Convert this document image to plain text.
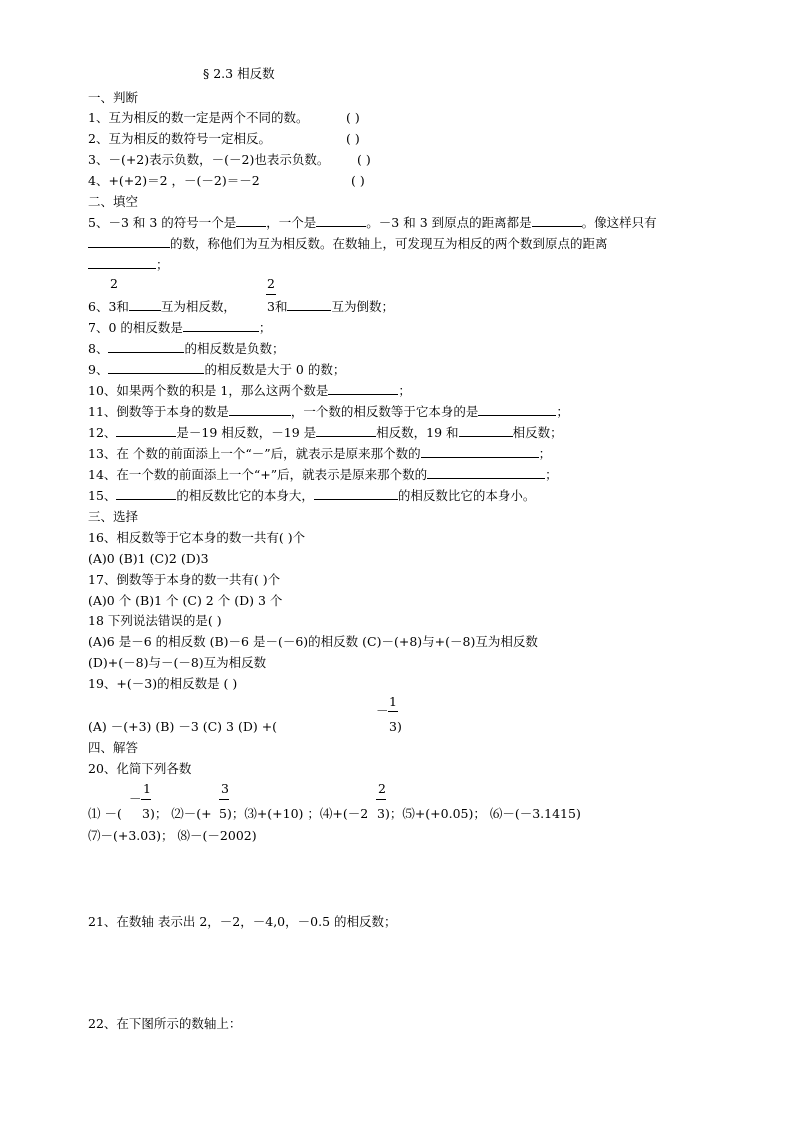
§ 2.3 相反数
一、判断
1、互为相反的数一定是两个不同的数。	( )
2、互为相反的数符号一定相反。	( )
3、－(+2)表示负数，－(－2)也表示负数。 ( )
4、+(+2)＝2 ，－(－2)＝－2	( )
二、填空
5、－3 和 3 的符号一个是 ，一个是	。－3 和 3 到原点的距离都是	。像这样只有
的数，称他们为互为相反数。在数轴上，可发现互为相反的两个数到原点的距离
；
2	2
6、3和	互为相反数， 3和	互为倒数；
7、0 的相反数是	；
8、	的相反数是负数；
9、	的相反数是大于 0 的数；
10、如果两个数的积是 1，那么这两个数是	；
11、倒数等于本身的数是	，一个数的相反数等于它本身的是	；
12、	是－19 相反数，－19 是	相反数，19 和	相反数；
13、在 个数的前面添上一个“－”后，就表示是原来那个数的	；
14、在一个数的前面添上一个“+”后，就表示是原来那个数的	；
15、	的相反数比它的本身大，	的相反数比它的本身小。
三、选择
16、相反数等于它本身的数一共有( )个
(A)0 (B)1 (C)2 (D)3
17、倒数等于本身的数一共有( )个
(A)0 个 (B)1 个 (C) 2 个 (D) 3 个
18 下列说法错误的是( )
(A)6 是－6 的相反数 (B)－6 是－(－6)的相反数 (C)－(+8)与+(－8)互为相反数
(D)+(－8)与－(－8)互为相反数
19、+(－3)的相反数是 ( )
－
1
(A) －(+3) (B) －3 (C) 3 (D) +(	3)
四、解答
20、化简下列各数
－
1	3	2
⑴ －( 3)； ⑵－(+ 5)；⑶+(+10) ；⑷+(－2 3)；⑸+(+0.05)； ⑹－(－3.1415)
⑺－(+3.03)； ⑻－(－2002)
21、在数轴 表示出 2，－2，－4,0，－0.5 的相反数；
22、在下图所示的数轴上：
